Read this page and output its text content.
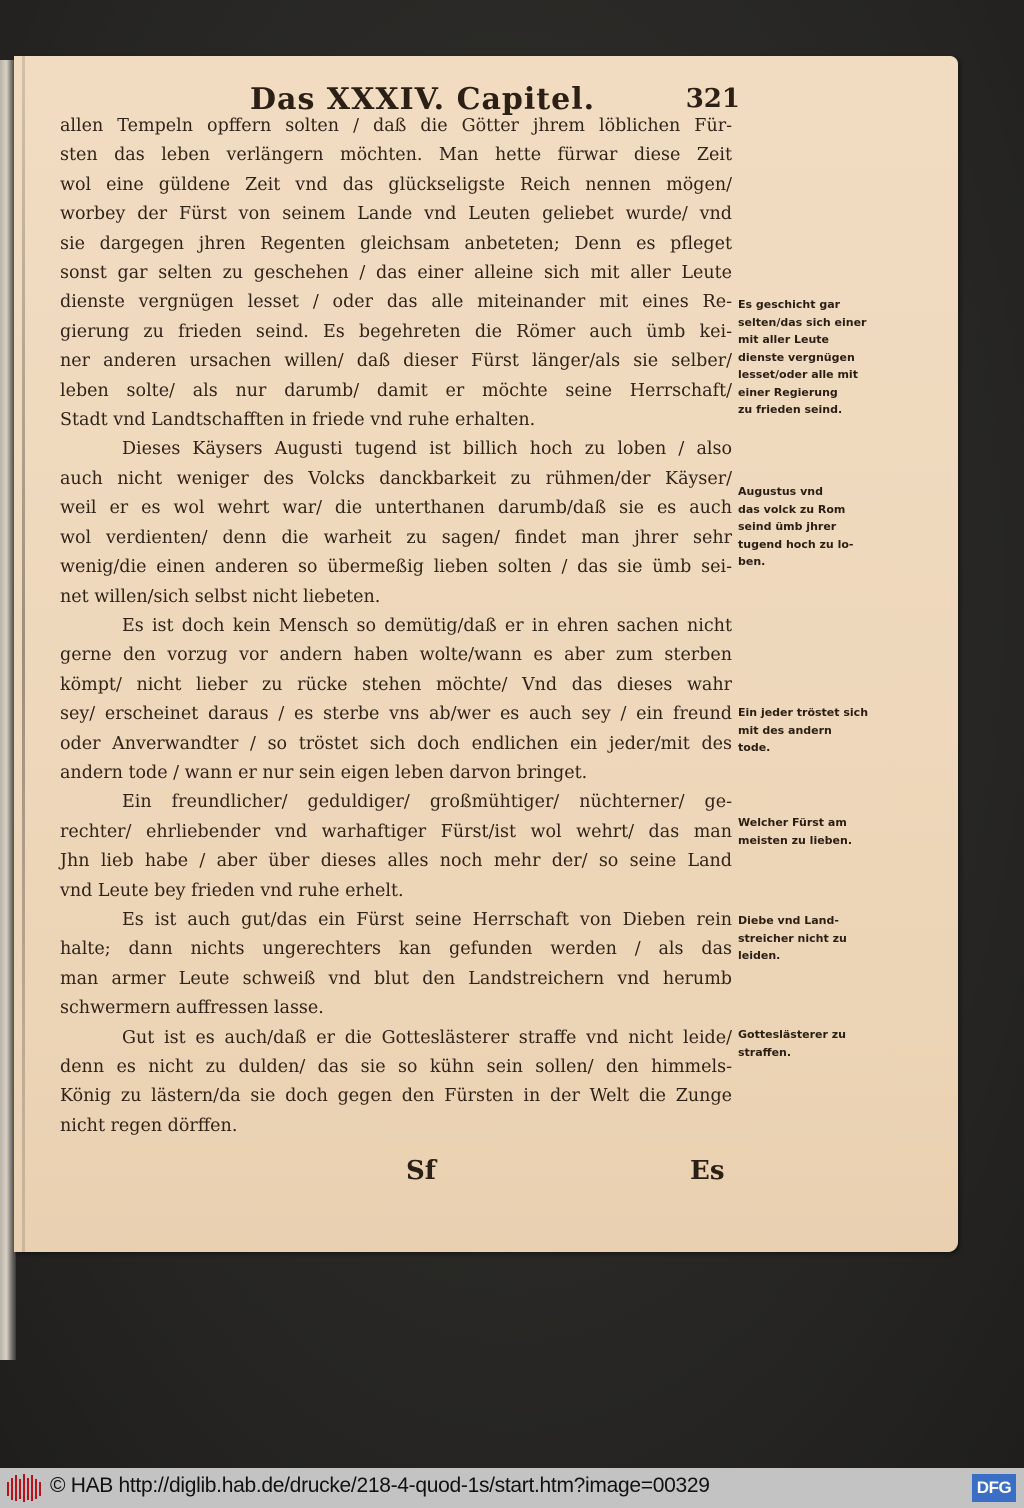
Das XXXIV. Capitel.	321

allen Tempeln opffern solten / daß die Götter jhrem löblichen Für-
sten das leben verlängern möchten. Man hette fürwar diese Zeit
wol eine güldene Zeit vnd das glückseligste Reich nennen mögen/
worbey der Fürst von seinem Lande vnd Leuten geliebet wurde/ vnd
sie dargegen jhren Regenten gleichsam anbeteten; Denn es pfleget
sonst gar selten zu geschehen / das einer alleine sich mit aller Leute
dienste vergnügen lesset / oder das alle miteinander mit eines Re-
gierung zu frieden seind. Es begehreten die Römer auch ümb kei-
ner anderen ursachen willen/ daß dieser Fürst länger/als sie selber/
leben solte/ als nur darumb/ damit er möchte seine Herrschaft/
Stadt vnd Landtschafften in friede vnd ruhe erhalten.

Dieses Käysers Augusti tugend ist billich hoch zu loben / also
auch nicht weniger des Volcks danckbarkeit zu rühmen/der Käyser/
weil er es wol wehrt war/ die unterthanen darumb/daß sie es auch
wol verdienten/ denn die warheit zu sagen/ findet man jhrer sehr
wenig/die einen anderen so übermeßig lieben solten / das sie ümb sei-
net willen/sich selbst nicht liebeten.

Es ist doch kein Mensch so demütig/daß er in ehren sachen nicht
gerne den vorzug vor andern haben wolte/wann es aber zum sterben
kömpt/ nicht lieber zu rücke stehen möchte/ Vnd das dieses wahr
sey/ erscheinet daraus / es sterbe vns ab/wer es auch sey / ein freund
oder Anverwandter / so tröstet sich doch endlichen ein jeder/mit des
andern tode / wann er nur sein eigen leben darvon bringet.

Ein freundlicher/ geduldiger/ großmühtiger/ nüchterner/ ge-
rechter/ ehrliebender vnd warhaftiger Fürst/ist wol wehrt/ das man
Jhn lieb habe / aber über dieses alles noch mehr der/ so seine Land
vnd Leute bey frieden vnd ruhe erhelt.

Es ist auch gut/das ein Fürst seine Herrschaft von Dieben rein
halte; dann nichts ungerechters kan gefunden werden / als das
man armer Leute schweiß vnd blut den Landstreichern vnd herumb
schwermern auffressen lasse.

Gut ist es auch/daß er die Gotteslästerer straffe vnd nicht leide/
denn es nicht zu dulden/ das sie so kühn sein sollen/ den himmels-
König zu lästern/da sie doch gegen den Fürsten in der Welt die Zunge
nicht regen dörffen.

Es geschicht gar
selten/das sich einer
mit aller Leute
dienste vergnügen
lesset/oder alle mit
einer Regierung
zu frieden seind.
Augustus vnd
das volck zu Rom
seind ümb jhrer
tugend hoch zu lo-
ben.
Ein jeder tröstet sich
mit des andern
tode.
Welcher Fürst am
meisten zu lieben.
Diebe vnd Land-
streicher nicht zu
leiden.
Gotteslästerer zu
straffen.
Sf	Es
© HAB http://diglib.hab.de/drucke/218-4-quod-1s/start.htm?image=00329	DFG
